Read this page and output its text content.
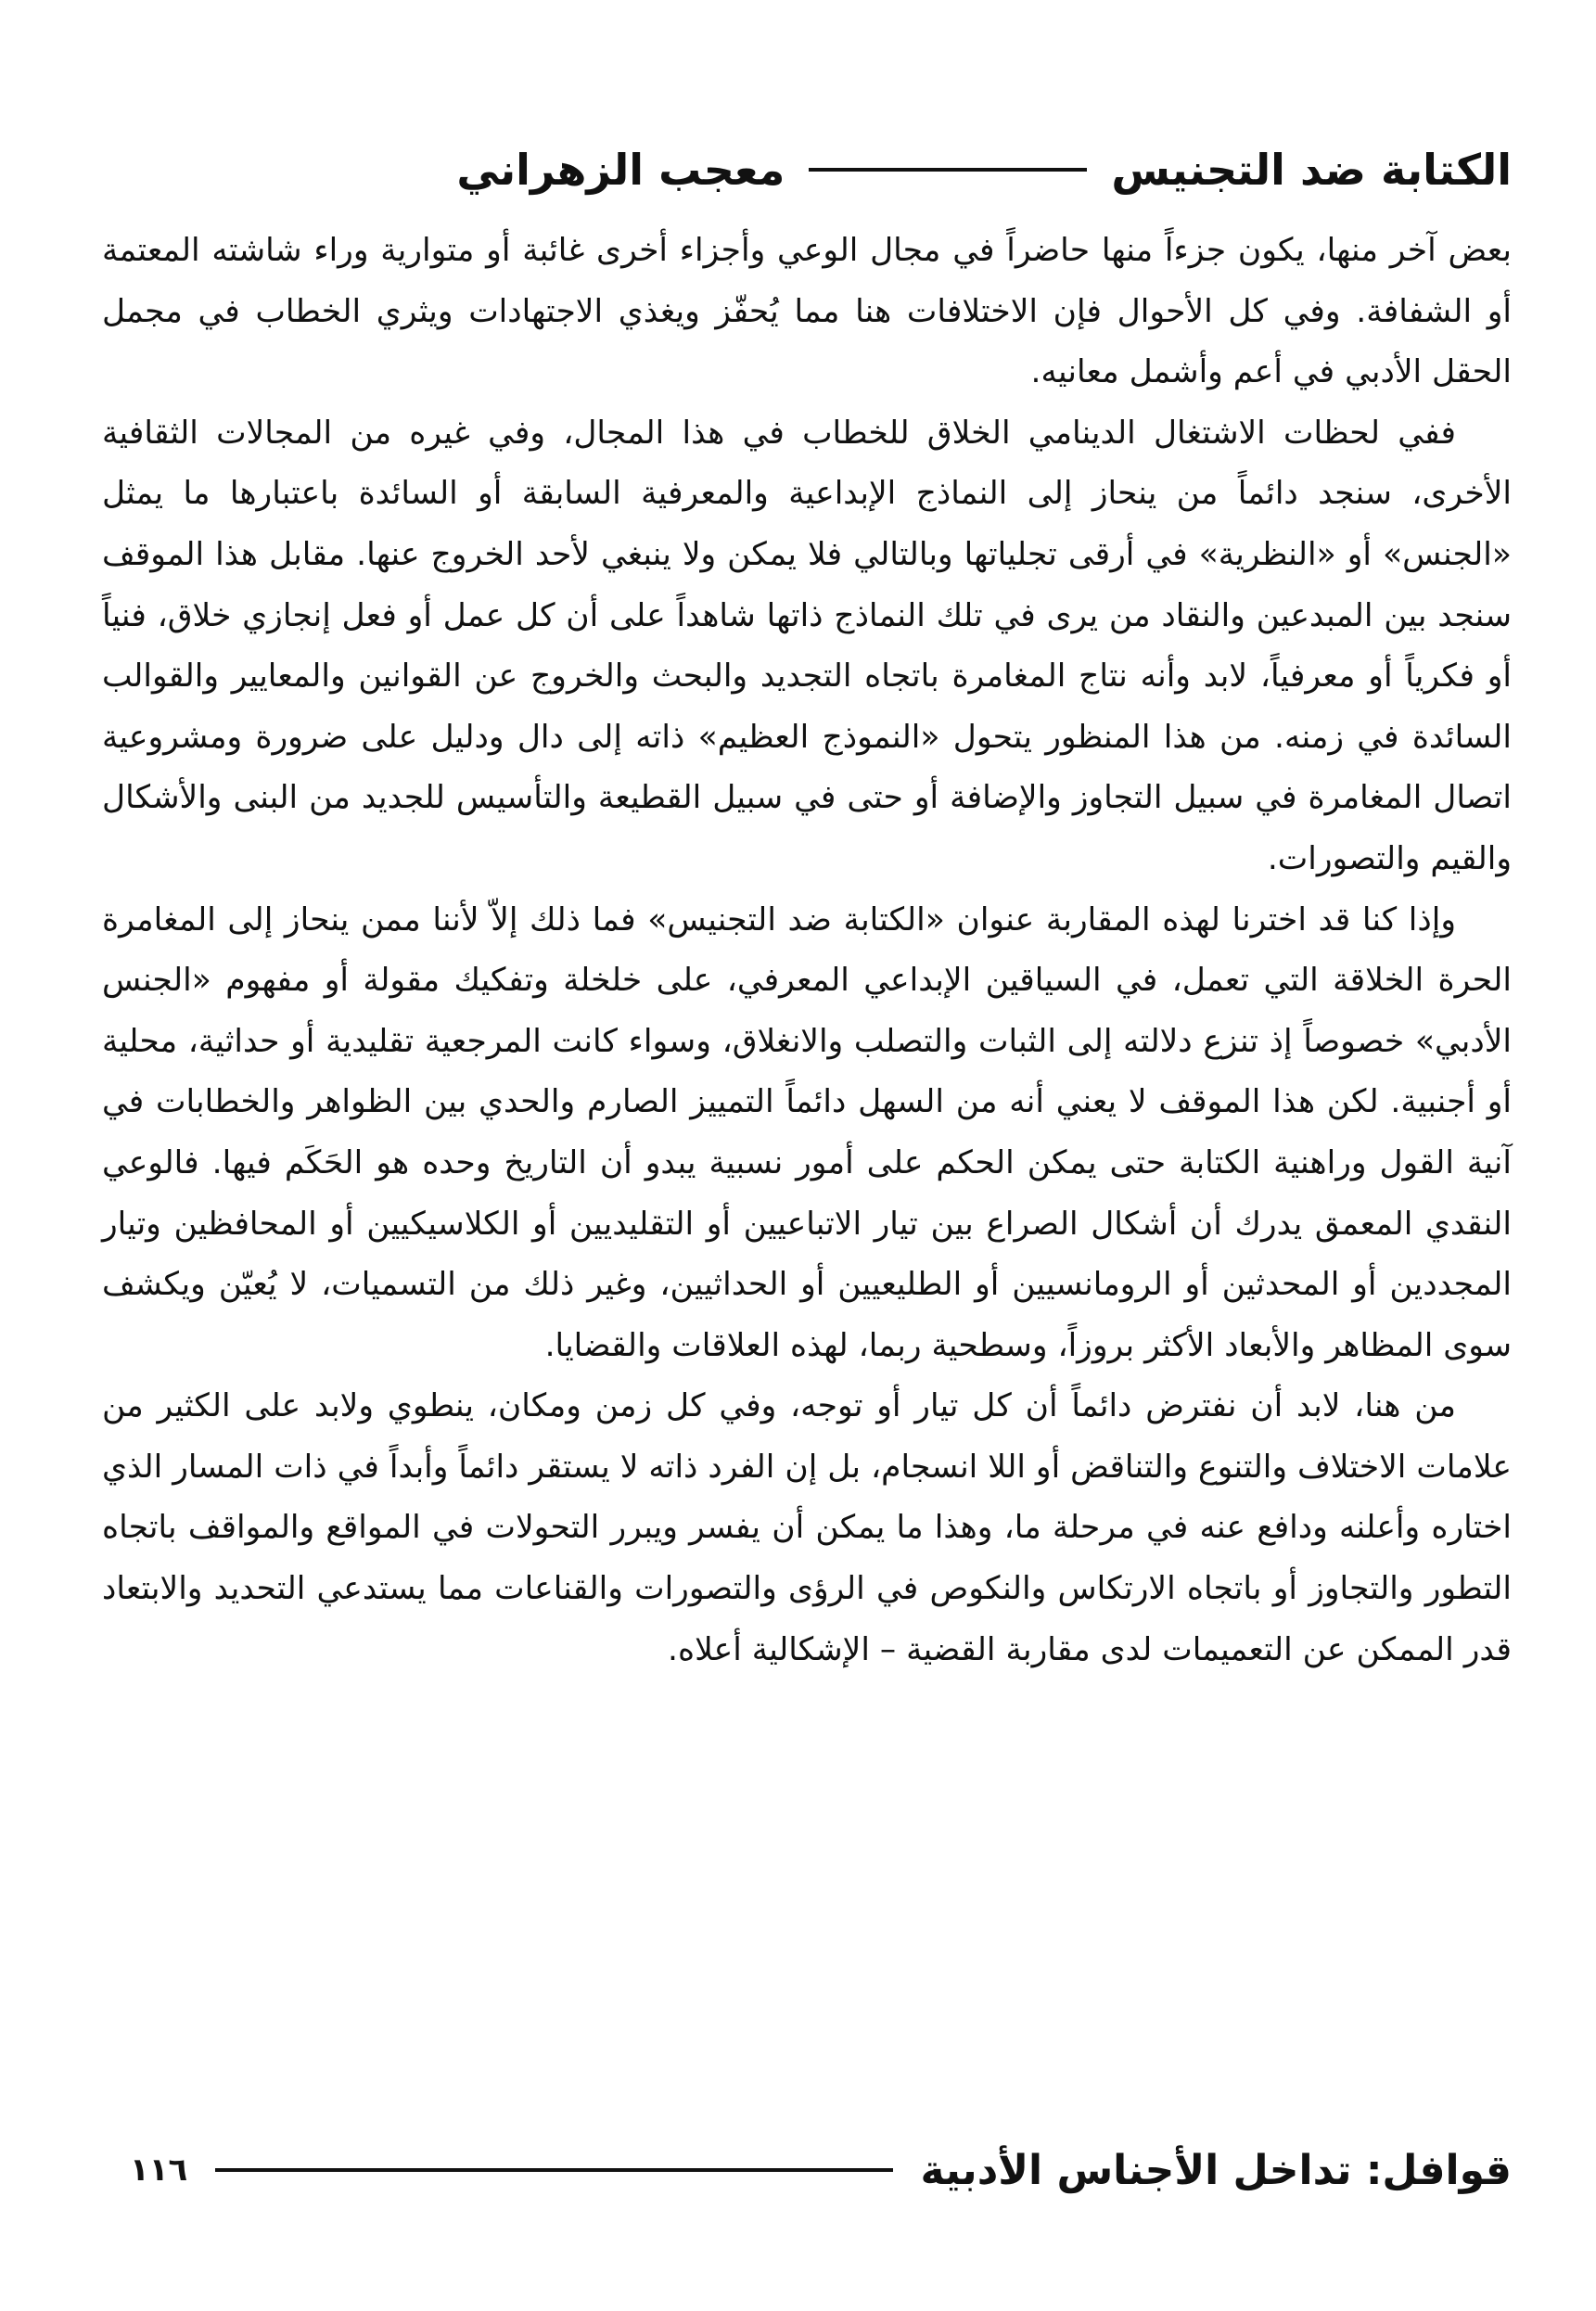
الكتابة ضد التجنيس
معجب الزهراني

بعض آخر منها، يكون جزءاً منها حاضراً في مجال الوعي وأجزاء أخرى غائبة أو متوارية وراء شاشته المعتمة أو الشفافة. وفي كل الأحوال فإن الاختلافات هنا مما يُحفّز ويغذي الاجتهادات ويثري الخطاب في مجمل الحقل الأدبي في أعم وأشمل معانيه.

ففي لحظات الاشتغال الدينامي الخلاق للخطاب في هذا المجال، وفي غيره من المجالات الثقافية الأخرى، سنجد دائماً من ينحاز إلى النماذج الإبداعية والمعرفية السابقة أو السائدة باعتبارها ما يمثل «الجنس» أو «النظرية» في أرقى تجلياتها وبالتالي فلا يمكن ولا ينبغي لأحد الخروج عنها. مقابل هذا الموقف سنجد بين المبدعين والنقاد من يرى في تلك النماذج ذاتها شاهداً على أن كل عمل أو فعل إنجازي خلاق، فنياً أو فكرياً أو معرفياً، لابد وأنه نتاج المغامرة باتجاه التجديد والبحث والخروج عن القوانين والمعايير والقوالب السائدة في زمنه. من هذا المنظور يتحول «النموذج العظيم» ذاته إلى دال ودليل على ضرورة ومشروعية اتصال المغامرة في سبيل التجاوز والإضافة أو حتى في سبيل القطيعة والتأسيس للجديد من البنى والأشكال والقيم والتصورات.

وإذا كنا قد اخترنا لهذه المقاربة عنوان «الكتابة ضد التجنيس» فما ذلك إلاّ لأننا ممن ينحاز إلى المغامرة الحرة الخلاقة التي تعمل، في السياقين الإبداعي المعرفي، على خلخلة وتفكيك مقولة أو مفهوم «الجنس الأدبي» خصوصاً إذ تنزع دلالته إلى الثبات والتصلب والانغلاق، وسواء كانت المرجعية تقليدية أو حداثية، محلية أو أجنبية. لكن هذا الموقف لا يعني أنه من السهل دائماً التمييز الصارم والحدي بين الظواهر والخطابات في آنية القول وراهنية الكتابة حتى يمكن الحكم على أمور نسبية يبدو أن التاريخ وحده هو الحَكَم فيها. فالوعي النقدي المعمق يدرك أن أشكال الصراع بين تيار الاتباعيين أو التقليديين أو الكلاسيكيين أو المحافظين وتيار المجددين أو المحدثين أو الرومانسيين أو الطليعيين أو الحداثيين، وغير ذلك من التسميات، لا يُعيّن ويكشف سوى المظاهر والأبعاد الأكثر بروزاً، وسطحية ربما، لهذه العلاقات والقضايا.

من هنا، لابد أن نفترض دائماً أن كل تيار أو توجه، وفي كل زمن ومكان، ينطوي ولابد على الكثير من علامات الاختلاف والتنوع والتناقض أو اللا انسجام، بل إن الفرد ذاته لا يستقر دائماً وأبداً في ذات المسار الذي اختاره وأعلنه ودافع عنه في مرحلة ما، وهذا ما يمكن أن يفسر ويبرر التحولات في المواقع والمواقف باتجاه التطور والتجاوز أو باتجاه الارتكاس والنكوص في الرؤى والتصورات والقناعات مما يستدعي التحديد والابتعاد قدر الممكن عن التعميمات لدى مقاربة القضية – الإشكالية أعلاه.

قوافل: تداخل الأجناس الأدبية
١١٦
